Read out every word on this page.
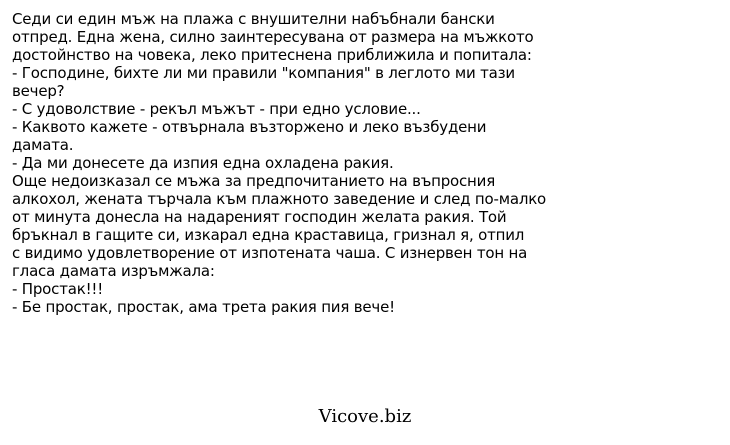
Седи си един мъж на плажа с внушителни набъбнали бански
отпред. Една жена, силно заинтересувана от размера на мъжкото
достойнство на човека, леко притеснена приближила и попитала:
- Господине, бихте ли ми правили "компания" в леглото ми тази
вечер?
- С удоволствие - рекъл мъжът - при едно условие...
- Каквото кажете - отвърнала възторжено и леко възбудени
дамата.
- Да ми донесете да изпия една охладена ракия.
Още недоизказал се мъжа за предпочитанието на въпросния
алкохол, жената търчала към плажното заведение и след по-малко
от минута донесла на надареният господин желата ракия. Той
бръкнал в гащите си, изкарал една краставица, гризнал я, отпил
с видимо удовлетворение от изпотената чаша. С изнервен тон на
гласа дамата изръмжала:
- Простак!!!
- Бе простак, простак, ама трета ракия пия вече!
Vicove.biz
